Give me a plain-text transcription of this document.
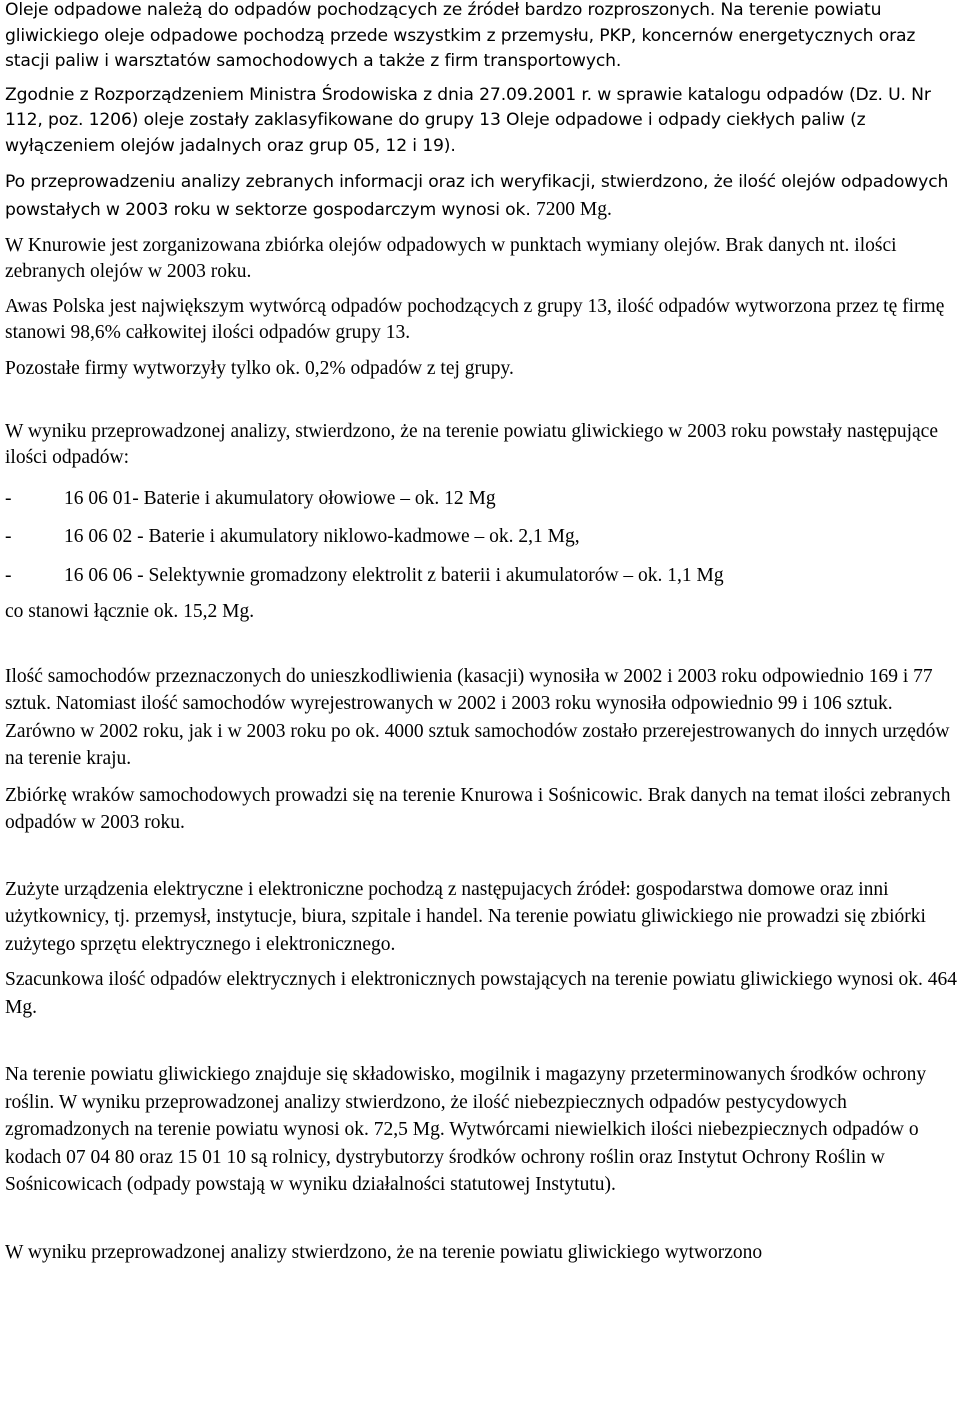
Oleje odpadowe należą do odpadów pochodzących ze źródeł bardzo rozproszonych. Na terenie powiatu gliwickiego oleje odpadowe pochodzą przede wszystkim z przemysłu, PKP, koncernów energetycznych oraz stacji paliw i warsztatów samochodowych a także z firm transportowych.

Zgodnie z Rozporządzeniem Ministra Środowiska z dnia 27.09.2001 r. w sprawie katalogu odpadów (Dz. U. Nr 112, poz. 1206) oleje zostały zaklasyfikowane do grupy 13 Oleje odpadowe i odpady ciekłych paliw (z wyłączeniem olejów jadalnych oraz grup 05, 12 i 19).

Po przeprowadzeniu analizy zebranych informacji oraz ich weryfikacji, stwierdzono, że ilość olejów odpadowych powstałych w 2003 roku w sektorze gospodarczym wynosi ok. 7200 Mg.

W Knurowie jest zorganizowana zbiórka olejów odpadowych w punktach wymiany olejów. Brak danych nt. ilości zebranych olejów w 2003 roku.

Awas Polska jest największym wytwórcą odpadów pochodzących z grupy 13, ilość odpadów wytworzona przez tę firmę stanowi 98,6% całkowitej ilości odpadów grupy 13.

Pozostałe firmy wytworzyły tylko ok. 0,2% odpadów z tej grupy.

W wyniku przeprowadzonej analizy, stwierdzono, że na terenie powiatu gliwickiego w 2003 roku powstały następujące ilości odpadów:

-	16 06 01- Baterie i akumulatory ołowiowe – ok. 12 Mg
-	16 06 02 - Baterie i akumulatory niklowo-kadmowe – ok. 2,1 Mg,
-	16 06 06 - Selektywnie gromadzony elektrolit z baterii i akumulatorów – ok. 1,1 Mg

co stanowi łącznie ok. 15,2 Mg.

Ilość samochodów przeznaczonych do unieszkodliwienia (kasacji) wynosiła w 2002 i 2003 roku odpowiednio 169 i 77 sztuk. Natomiast ilość samochodów wyrejestrowanych w 2002 i 2003 roku wynosiła odpowiednio 99 i 106 sztuk. Zarówno w 2002 roku, jak i w 2003 roku po ok. 4000 sztuk samochodów zostało przerejestrowanych do innych urzędów na terenie kraju.

Zbiórkę wraków samochodowych prowadzi się na terenie Knurowa i Sośnicowic. Brak danych na temat ilości zebranych odpadów w 2003 roku.

Zużyte urządzenia elektryczne i elektroniczne pochodzą z następujacych źródeł: gospodarstwa domowe oraz inni użytkownicy, tj. przemysł, instytucje, biura, szpitale i handel. Na terenie powiatu gliwickiego nie prowadzi się zbiórki zużytego sprzętu elektrycznego i elektronicznego.

Szacunkowa ilość odpadów elektrycznych i elektronicznych powstających na terenie powiatu gliwickiego wynosi ok. 464 Mg.

Na terenie powiatu gliwickiego znajduje się składowisko, mogilnik i magazyny przeterminowanych środków ochrony roślin. W wyniku przeprowadzonej analizy stwierdzono, że ilość niebezpiecznych odpadów pestycydowych zgromadzonych na terenie powiatu wynosi ok. 72,5 Mg. Wytwórcami niewielkich ilości niebezpiecznych odpadów o kodach 07 04 80 oraz 15 01 10 są rolnicy, dystrybutorzy środków ochrony roślin oraz Instytut Ochrony Roślin w Sośnicowicach (odpady powstają w wyniku działalności statutowej Instytutu).

W wyniku przeprowadzonej analizy stwierdzono, że na terenie powiatu gliwickiego wytworzono
